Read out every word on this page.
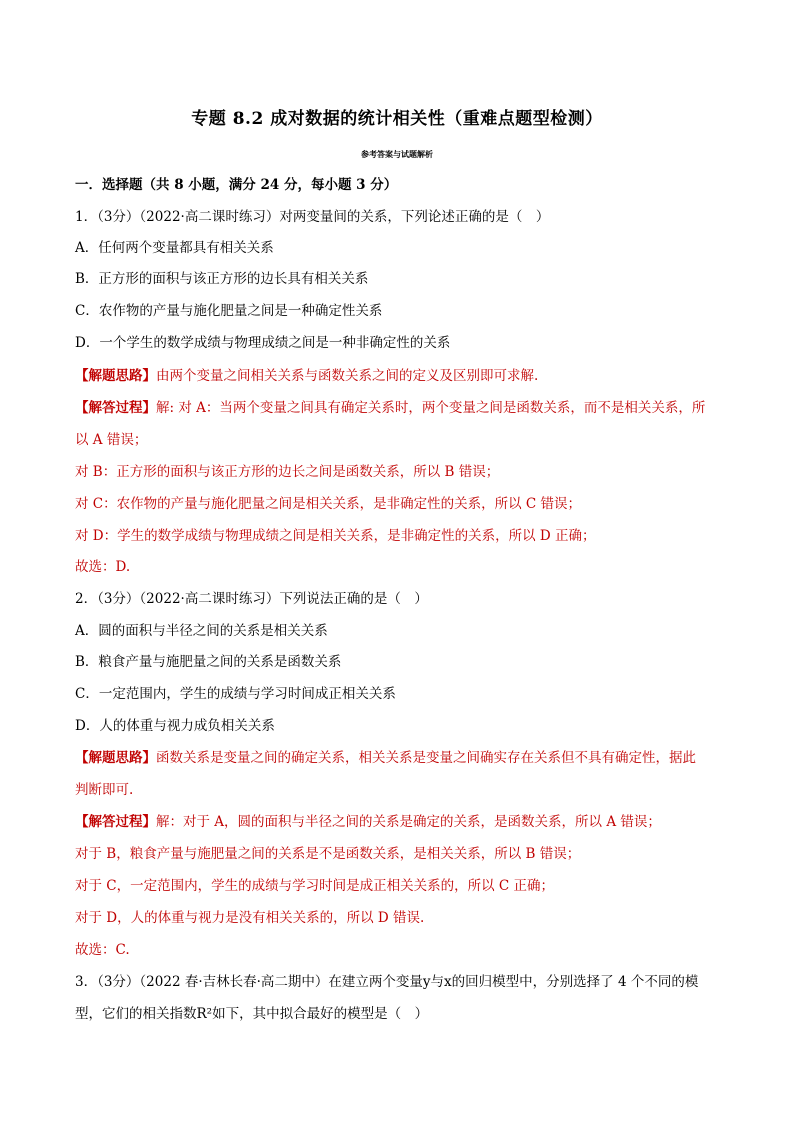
专题 8.2 成对数据的统计相关性（重难点题型检测）
参考答案与试题解析
一．选择题（共 8 小题，满分 24 分，每小题 3 分）
1．（3分）（2022·高二课时练习）对两变量间的关系，下列论述正确的是（　）
A．任何两个变量都具有相关关系
B．正方形的面积与该正方形的边长具有相关关系
C．农作物的产量与施化肥量之间是一种确定性关系
D．一个学生的数学成绩与物理成绩之间是一种非确定性的关系
【解题思路】由两个变量之间相关关系与函数关系之间的定义及区别即可求解.
【解答过程】解: 对 A：当两个变量之间具有确定关系时，两个变量之间是函数关系，而不是相关关系，所
以 A 错误；
对 B：正方形的面积与该正方形的边长之间是函数关系，所以 B 错误；
对 C：农作物的产量与施化肥量之间是相关关系，是非确定性的关系，所以 C 错误；
对 D：学生的数学成绩与物理成绩之间是相关关系，是非确定性的关系，所以 D 正确；
故选：D.
2．（3分）（2022·高二课时练习）下列说法正确的是（　）
A．圆的面积与半径之间的关系是相关关系
B．粮食产量与施肥量之间的关系是函数关系
C．一定范围内，学生的成绩与学习时间成正相关关系
D．人的体重与视力成负相关关系
【解题思路】函数关系是变量之间的确定关系，相关关系是变量之间确实存在关系但不具有确定性，据此
判断即可.
【解答过程】解：对于 A，圆的面积与半径之间的关系是确定的关系，是函数关系，所以 A 错误；
对于 B，粮食产量与施肥量之间的关系是不是函数关系，是相关关系，所以 B 错误；
对于 C，一定范围内，学生的成绩与学习时间是成正相关关系的，所以 C 正确；
对于 D，人的体重与视力是没有相关关系的，所以 D 错误.
故选：C.
3．（3分）（2022 春·吉林长春·高二期中）在建立两个变量y与x的回归模型中，分别选择了 4 个不同的模
型，它们的相关指数R²如下，其中拟合最好的模型是（　）
